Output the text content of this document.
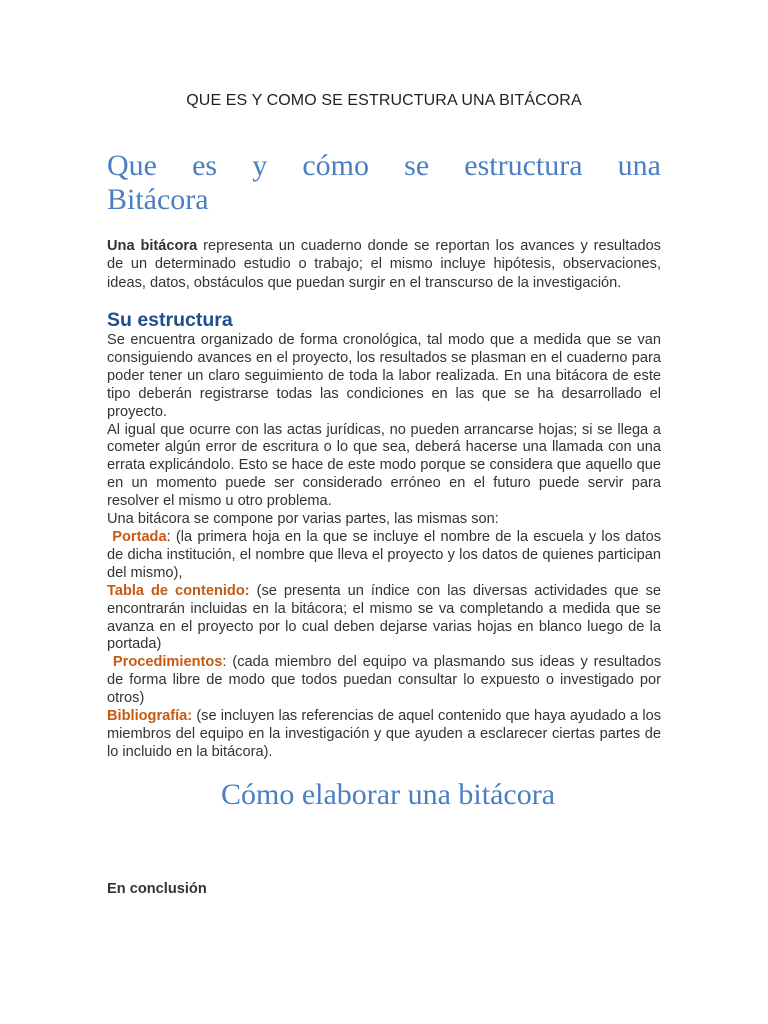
QUE ES Y COMO SE ESTRUCTURA UNA BITÁCORA
Que es y cómo se estructura una
Bitácora
Una bitácora representa un cuaderno donde se reportan los avances y resultados de un determinado estudio o trabajo; el mismo incluye hipótesis, observaciones, ideas, datos, obstáculos que puedan surgir en el transcurso de la investigación.
Su estructura

Se encuentra organizado de forma cronológica, tal modo que a medida que se van consiguiendo avances en el proyecto, los resultados se plasman en el cuaderno para poder tener un claro seguimiento de toda la labor realizada. En una bitácora de este tipo deberán registrarse todas las condiciones en las que se ha desarrollado el proyecto.

Al igual que ocurre con las actas jurídicas, no pueden arrancarse hojas; si se llega a cometer algún error de escritura o lo que sea, deberá hacerse una llamada con una errata explicándolo. Esto se hace de este modo porque se considera que aquello que en un momento puede ser considerado erróneo en el futuro puede servir para resolver el mismo u otro problema.

Una bitácora se compone por varias partes, las mismas son:

Portada: (la primera hoja en la que se incluye el nombre de la escuela y los datos de dicha institución, el nombre que lleva el proyecto y los datos de quienes participan del mismo),

Tabla de contenido: (se presenta un índice con las diversas actividades que se encontrarán incluidas en la bitácora; el mismo se va completando a medida que se avanza en el proyecto por lo cual deben dejarse varias hojas en blanco luego de la portada)

Procedimientos: (cada miembro del equipo va plasmando sus ideas y resultados de forma libre de modo que todos puedan consultar lo expuesto o investigado por otros)

Bibliografía: (se incluyen las referencias de aquel contenido que haya ayudado a los miembros del equipo en la investigación y que ayuden a esclarecer ciertas partes de lo incluido en la bitácora).

Cómo elaborar una bitácora
En conclusión
